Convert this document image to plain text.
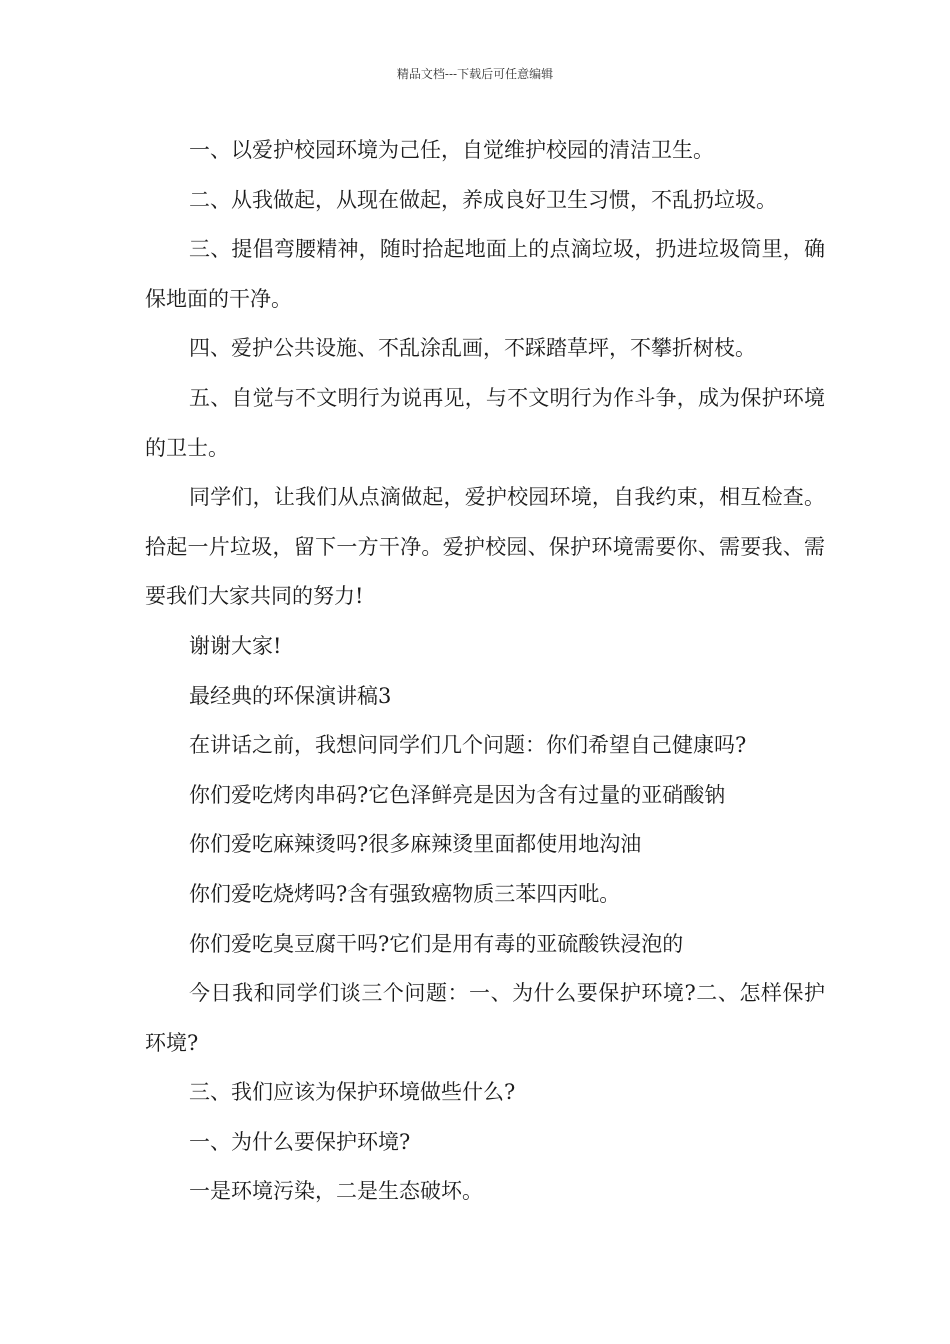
精品文档---下载后可任意编辑

一、以爱护校园环境为己任，自觉维护校园的清洁卫生。

二、从我做起，从现在做起，养成良好卫生习惯，不乱扔垃圾。

三、提倡弯腰精神，随时拾起地面上的点滴垃圾，扔进垃圾筒里，确保地面的干净。

四、爱护公共设施、不乱涂乱画，不踩踏草坪，不攀折树枝。

五、自觉与不文明行为说再见，与不文明行为作斗争，成为保护环境的卫士。

同学们，让我们从点滴做起，爱护校园环境，自我约束，相互检查。拾起一片垃圾，留下一方干净。爱护校园、保护环境需要你、需要我、需要我们大家共同的努力!

谢谢大家!

最经典的环保演讲稿3

在讲话之前，我想问同学们几个问题：你们希望自己健康吗?

你们爱吃烤肉串码?它色泽鲜亮是因为含有过量的亚硝酸钠

你们爱吃麻辣烫吗?很多麻辣烫里面都使用地沟油

你们爱吃烧烤吗?含有强致癌物质三苯四丙吡。

你们爱吃臭豆腐干吗?它们是用有毒的亚硫酸铁浸泡的

今日我和同学们谈三个问题：一、为什么要保护环境?二、怎样保护环境?

三、我们应该为保护环境做些什么?

一、为什么要保护环境?

一是环境污染，二是生态破坏。
